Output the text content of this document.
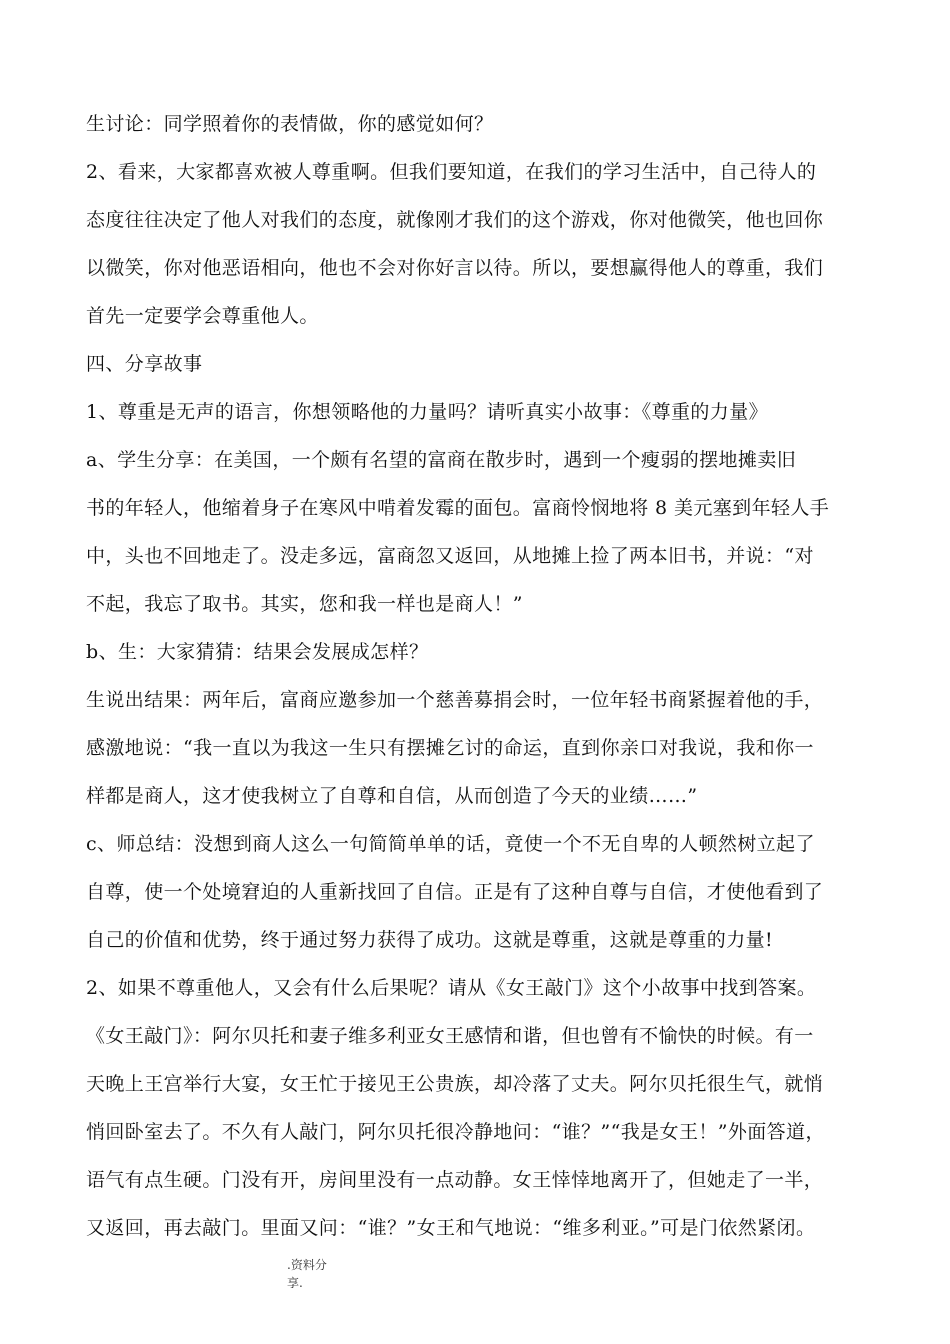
生讨论：同学照着你的表情做，你的感觉如何？
2、看来，大家都喜欢被人尊重啊。但我们要知道，在我们的学习生活中，自己待人的
态度往往决定了他人对我们的态度，就像刚才我们的这个游戏，你对他微笑，他也回你
以微笑，你对他恶语相向，他也不会对你好言以待。所以，要想赢得他人的尊重，我们
首先一定要学会尊重他人。
四、分享故事
1、尊重是无声的语言，你想领略他的力量吗？请听真实小故事：《尊重的力量》
a、学生分享：在美国，一个颇有名望的富商在散步时，遇到一个瘦弱的摆地摊卖旧
书的年轻人，他缩着身子在寒风中啃着发霉的面包。富商怜悯地将 8 美元塞到年轻人手
中，头也不回地走了。没走多远，富商忽又返回，从地摊上捡了两本旧书，并说：“对
不起，我忘了取书。其实，您和我一样也是商人！”
b、生：大家猜猜：结果会发展成怎样？
生说出结果：两年后，富商应邀参加一个慈善募捐会时，一位年轻书商紧握着他的手，
感激地说：“我一直以为我这一生只有摆摊乞讨的命运，直到你亲口对我说，我和你一
样都是商人，这才使我树立了自尊和自信，从而创造了今天的业绩……”
c、师总结：没想到商人这么一句简简单单的话，竟使一个不无自卑的人顿然树立起了
自尊，使一个处境窘迫的人重新找回了自信。正是有了这种自尊与自信，才使他看到了
自己的价值和优势，终于通过努力获得了成功。这就是尊重，这就是尊重的力量!
2、如果不尊重他人，又会有什么后果呢？请从《女王敲门》这个小故事中找到答案。
《女王敲门》：阿尔贝托和妻子维多利亚女王感情和谐，但也曾有不愉快的时候。有一
天晚上王宫举行大宴，女王忙于接见王公贵族，却冷落了丈夫。阿尔贝托很生气，就悄
悄回卧室去了。不久有人敲门，阿尔贝托很冷静地问：“谁？”“我是女王！”外面答道，
语气有点生硬。门没有开，房间里没有一点动静。女王悻悻地离开了，但她走了一半，
又返回，再去敲门。里面又问：“谁？”女王和气地说：“维多利亚。”可是门依然紧闭。
.资料分
享.
